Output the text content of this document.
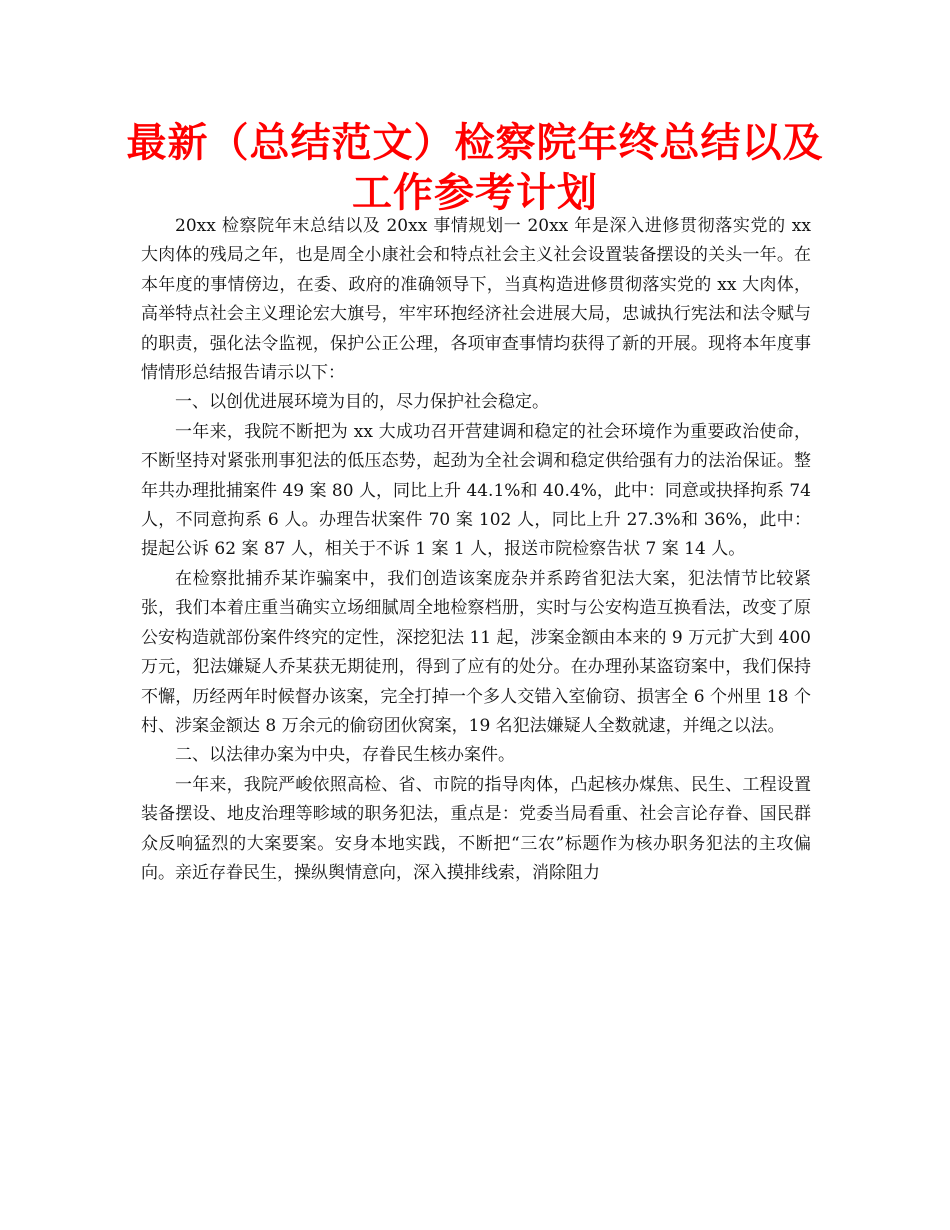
最新（总结范文）检察院年终总结以及工作参考计划

20xx 检察院年末总结以及 20xx 事情规划一 20xx 年是深入进修贯彻落实党的 xx 大肉体的残局之年，也是周全小康社会和特点社会主义社会设置装备摆设的关头一年。在本年度的事情傍边，在委、政府的准确领导下，当真构造进修贯彻落实党的 xx 大肉体，高举特点社会主义理论宏大旗号，牢牢环抱经济社会进展大局，忠诚执行宪法和法令赋与的职责，强化法令监视，保护公正公理，各项审查事情均获得了新的开展。现将本年度事情情形总结报告请示以下：

一、以创优进展环境为目的，尽力保护社会稳定。

一年来，我院不断把为 xx 大成功召开营建调和稳定的社会环境作为重要政治使命，不断坚持对紧张刑事犯法的低压态势，起劲为全社会调和稳定供给强有力的法治保证。整年共办理批捕案件 49 案 80 人，同比上升 44.1%和 40.4%，此中：同意或抉择拘系 74 人，不同意拘系 6 人。办理告状案件 70 案 102 人，同比上升 27.3%和 36%，此中：提起公诉 62 案 87 人，相关于不诉 1 案 1 人，报送市院检察告状 7 案 14 人。

在检察批捕乔某诈骗案中，我们创造该案庞杂并系跨省犯法大案，犯法情节比较紧张，我们本着庄重当确实立场细腻周全地检察档册，实时与公安构造互换看法，改变了原公安构造就部份案件终究的定性，深挖犯法 11 起，涉案金额由本来的 9 万元扩大到 400 万元，犯法嫌疑人乔某获无期徒刑，得到了应有的处分。在办理孙某盗窃案中，我们保持不懈，历经两年时候督办该案，完全打掉一个多人交错入室偷窃、损害全 6 个州里 18 个村、涉案金额达 8 万余元的偷窃团伙窝案，19 名犯法嫌疑人全数就逮，并绳之以法。

二、以法律办案为中央，存眷民生核办案件。

一年来，我院严峻依照高检、省、市院的指导肉体，凸起核办煤焦、民生、工程设置装备摆设、地皮治理等畛域的职务犯法，重点是：党委当局看重、社会言论存眷、国民群众反响猛烈的大案要案。安身本地实践，不断把“三农”标题作为核办职务犯法的主攻偏向。亲近存眷民生，操纵舆情意向，深入摸排线索，消除阻力
